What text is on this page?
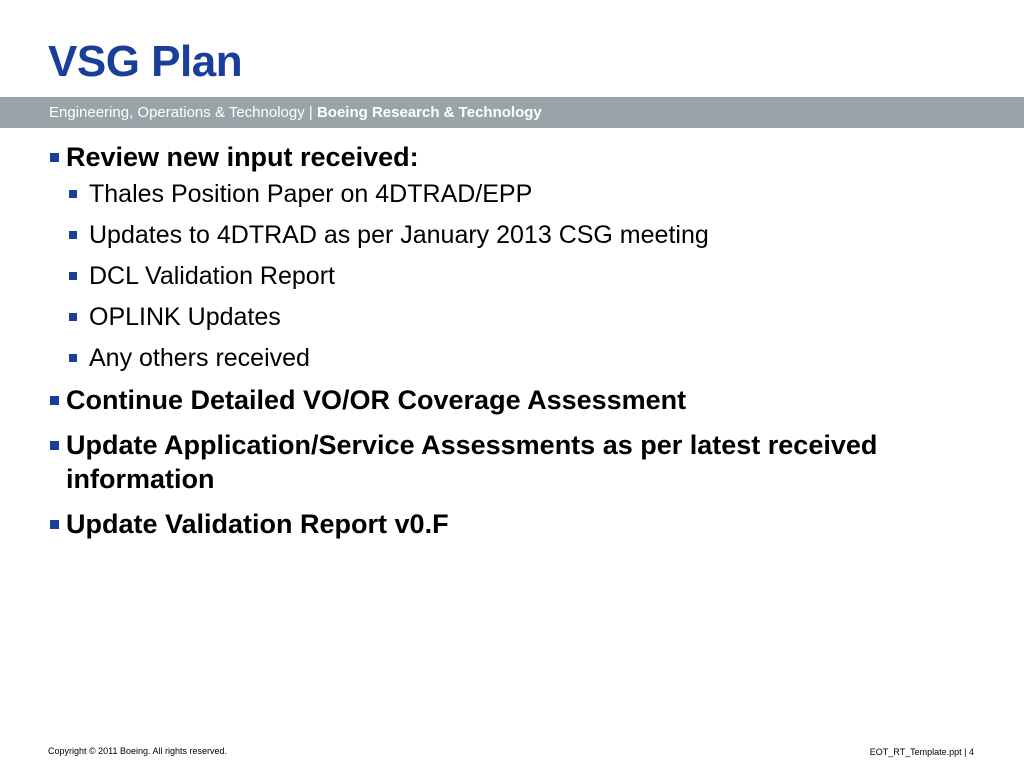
VSG Plan
Engineering, Operations & Technology | Boeing Research & Technology
Review new input received:
Thales Position Paper on 4DTRAD/EPP
Updates to 4DTRAD as per January 2013 CSG meeting
DCL Validation Report
OPLINK Updates
Any others received
Continue Detailed VO/OR Coverage Assessment
Update Application/Service Assessments as per latest received information
Update Validation Report v0.F
Copyright © 2011 Boeing. All rights reserved.	EOT_RT_Template.ppt | 4
